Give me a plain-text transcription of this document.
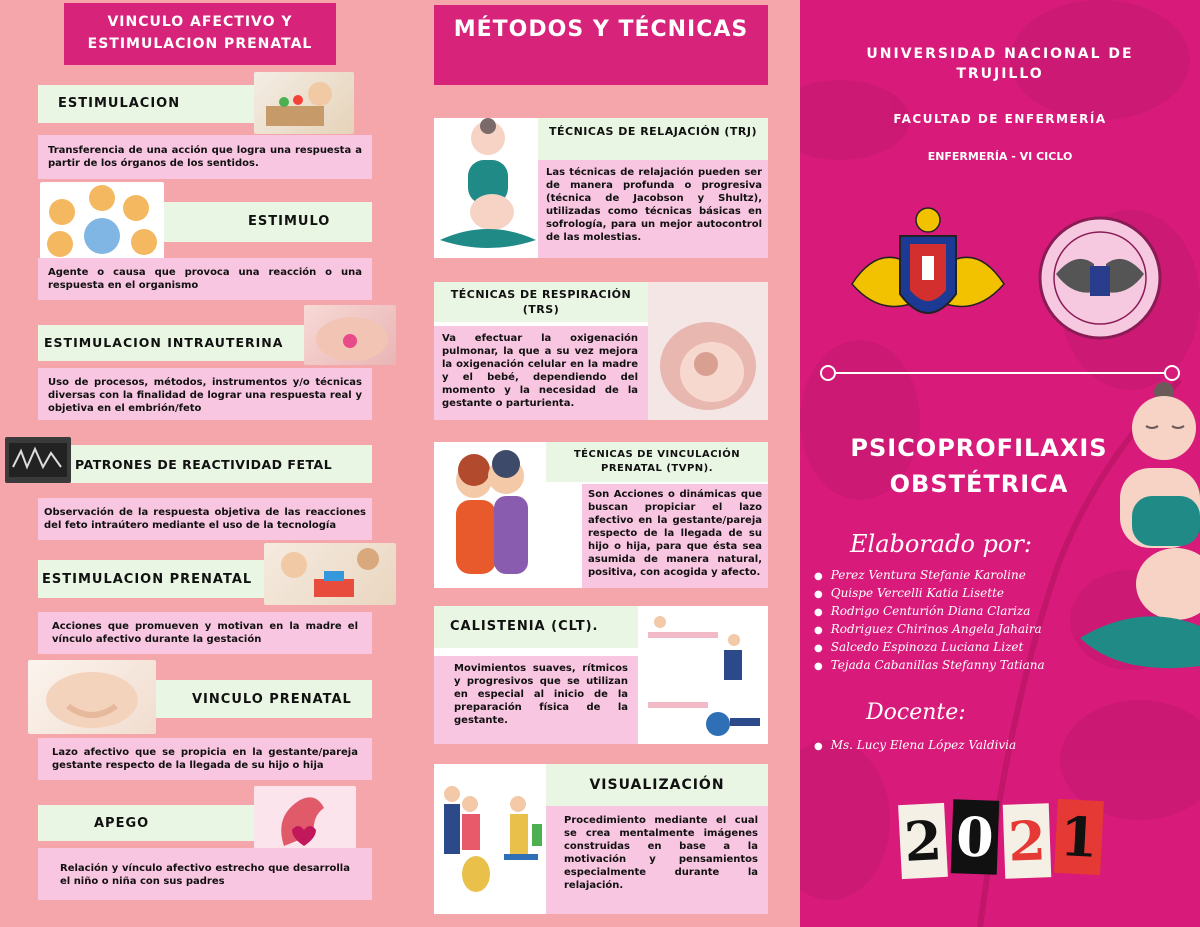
VINCULO AFECTIVO Y ESTIMULACION PRENATAL
ESTIMULACION
Transferencia de una acción que logra una respuesta a partir de los órganos de los sentidos.
ESTIMULO
Agente o causa que provoca una reacción o una respuesta en el organismo
ESTIMULACION INTRAUTERINA
Uso de procesos, métodos, instrumentos y/o técnicas diversas con la finalidad de lograr una respuesta real y objetiva en el embrión/feto
PATRONES DE REACTIVIDAD FETAL
Observación de la respuesta objetiva de las reacciones del feto intraútero mediante el uso de la tecnología
ESTIMULACION PRENATAL
Acciones que promueven y motivan en la madre el vínculo afectivo durante la gestación
VINCULO PRENATAL
Lazo afectivo que se propicia en la gestante/pareja gestante respecto de la llegada de su hijo o hija
APEGO
Relación y vínculo afectivo estrecho que desarrolla el niño o niña con sus padres
MÉTODOS Y TÉCNICAS
TÉCNICAS DE RELAJACIÓN (TRJ)
Las técnicas de relajación pueden ser de manera profunda o progresiva (técnica de Jacobson y Shultz), utilizadas como técnicas básicas en sofrología, para un mejor autocontrol de las molestias.
TÉCNICAS DE RESPIRACIÓN (TRS)
Va efectuar la oxigenación pulmonar, la que a su vez mejora la oxigenación celular en la madre y el bebé, dependiendo del momento y la necesidad de la gestante o parturienta.
TÉCNICAS DE VINCULACIÓN PRENATAL (TVPN).
Son Acciones o dinámicas que buscan propiciar el lazo afectivo en la gestante/pareja respecto de la llegada de su hijo o hija, para que ésta sea asumida de manera natural, positiva, con acogida y afecto.
CALISTENIA (CLT).
Movimientos suaves, rítmicos y progresivos que se utilizan en especial al inicio de la preparación física de la gestante.
VISUALIZACIÓN
Procedimiento mediante el cual se crea mentalmente imágenes construidas en base a la motivación y pensamientos especialmente durante la relajación.
UNIVERSIDAD NACIONAL DE TRUJILLO
FACULTAD DE ENFERMERÍA
ENFERMERÍA - VI CICLO
PSICOPROFILAXIS
OBSTÉTRICA
Elaborado por:
● Perez Ventura Stefanie Karoline
● Quispe Vercelli Katia Lisette
● Rodrigo Centurión Diana Clariza
● Rodriguez Chirinos Angela Jahaira
● Salcedo Espinoza Luciana Lizet
● Tejada Cabanillas Stefanny Tatiana
Docente:
● Ms. Lucy Elena López Valdivia
2 0 2 1
